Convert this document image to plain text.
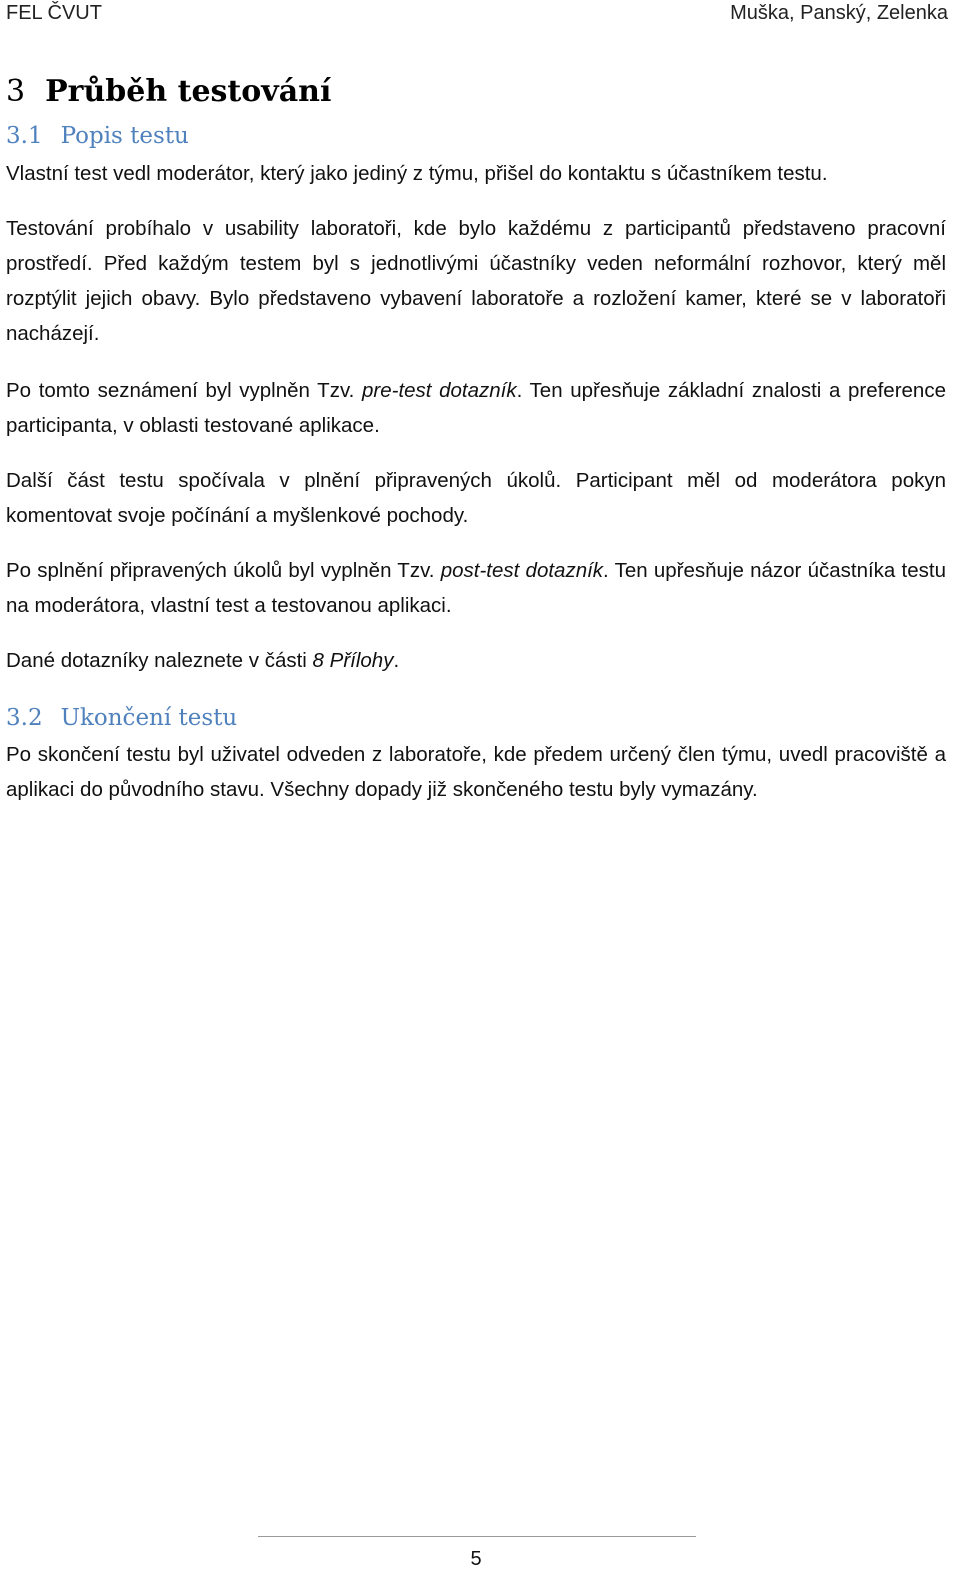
FEL ČVUT	Muška, Panský, Zelenka
3 Průběh testování
3.1 Popis testu

Vlastní test vedl moderátor, který jako jediný z týmu, přišel do kontaktu s účastníkem testu.

Testování probíhalo v usability laboratoři, kde bylo každému z participantů představeno pracovní prostředí. Před každým testem byl s jednotlivými účastníky veden neformální rozhovor, který měl rozptýlit jejich obavy. Bylo představeno vybavení laboratoře a rozložení kamer, které se v laboratoři nacházejí.

Po tomto seznámení byl vyplněn Tzv. pre-test dotazník. Ten upřesňuje základní znalosti a preference participanta, v oblasti testované aplikace.

Další část testu spočívala v plnění připravených úkolů. Participant měl od moderátora pokyn komentovat svoje počínání a myšlenkové pochody.

Po splnění připravených úkolů byl vyplněn Tzv. post-test dotazník. Ten upřesňuje názor účastníka testu na moderátora, vlastní test a testovanou aplikaci.

Dané dotazníky naleznete v části 8 Přílohy.

3.2 Ukončení testu

Po skončení testu byl uživatel odveden z laboratoře, kde předem určený člen týmu, uvedl pracoviště a aplikaci do původního stavu. Všechny dopady již skončeného testu byly vymazány.

5
